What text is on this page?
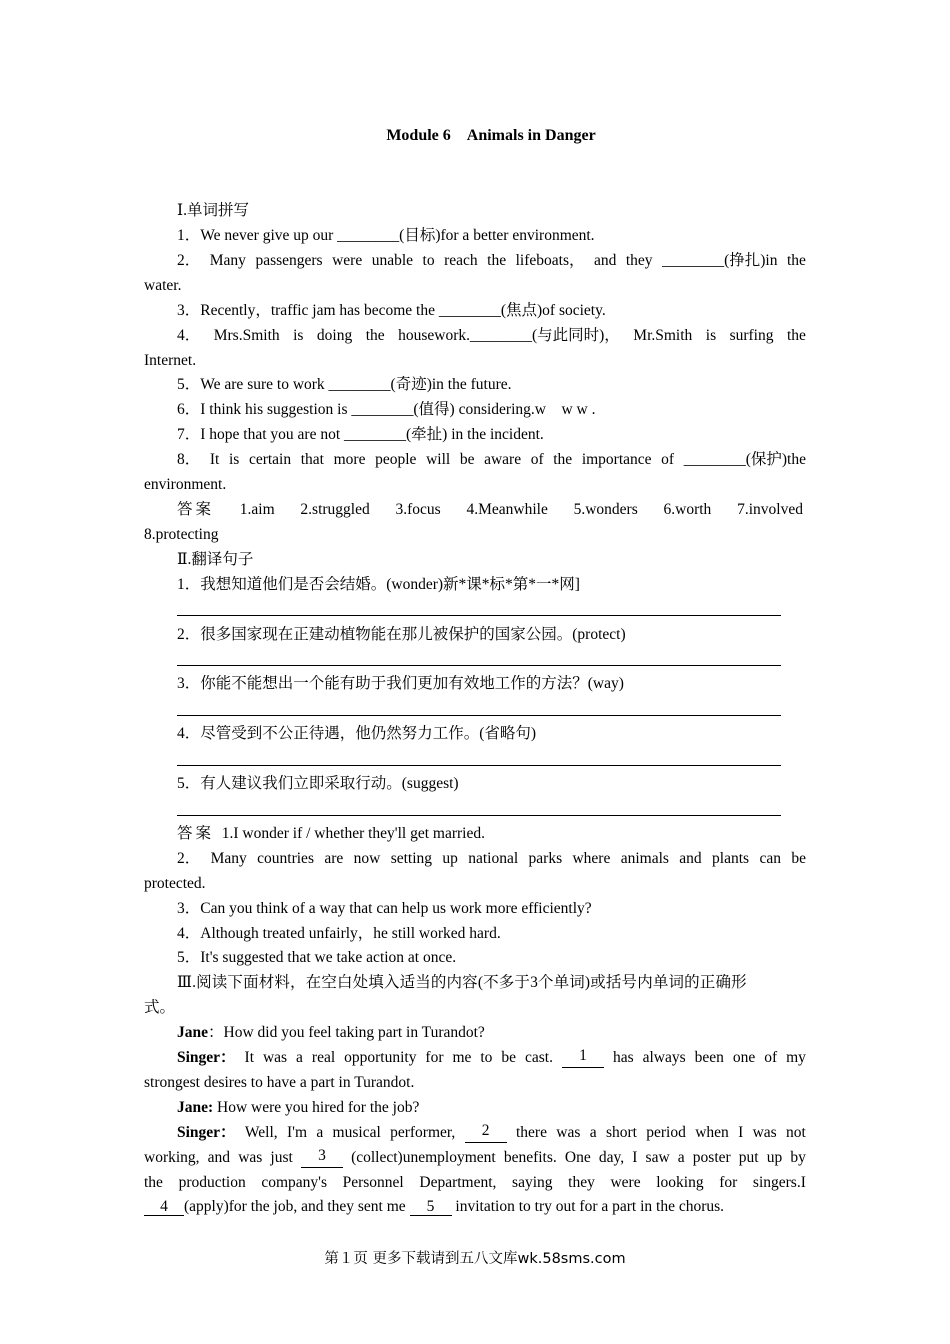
Module 6 Animals in Danger
Ⅰ.单词拼写
1．We never give up our ________(目标)for a better environment.
2． Many passengers were unable to reach the lifeboats， and they ________(挣扎)in the
water.
3．Recently，traffic jam has become the ________(焦点)of society.
4． Mrs.Smith is doing the housework.________(与此同时)， Mr.Smith is surfing the
Internet.
5．We are sure to work ________(奇迹)in the future.
6．I think his suggestion is ________(值得) considering.w　w w .
7．I hope that you are not ________(牵扯) in the incident.
8． It is certain that more people will be aware of the importance of ________(保护)the
environment.
答案 1.aim 2.struggled 3.focus 4.Meanwhile 5.wonders 6.worth 7.involved
8.protecting
Ⅱ.翻译句子
1．我想知道他们是否会结婚。(wonder)新*课*标*第*一*网]
2．很多国家现在正建动植物能在那儿被保护的国家公园。(protect)
3．你能不能想出一个能有助于我们更加有效地工作的方法？(way)
4．尽管受到不公正待遇，他仍然努力工作。(省略句)
5．有人建议我们立即采取行动。(suggest)
答案 1.I wonder if / whether they'll get married.
2． Many countries are now setting up national parks where animals and plants can be
protected.
3．Can you think of a way that can help us work more efficiently?
4．Although treated unfairly，he still worked hard.
5．It's suggested that we take action at once.
Ⅲ.阅读下面材料，在空白处填入适当的内容(不多于3个单词)或括号内单词的正确形
式。
Jane：How did you feel taking part in Turandot?
Singer： It was a real opportunity for me to be cast.	1	has always been one of my
strongest desires to have a part in Turandot.
Jane: How were you hired for the job?
Singer： Well, I'm a musical performer,	2	there was a short period when I was not
working, and was just	3	(collect)unemployment benefits. One day, I saw a poster put up by
the production company's Personnel Department, saying they were looking for singers.I
4 (apply)for the job, and they sent me 5 invitation to try out for a part in the chorus.
第１页 更多下载请到五八文库wk.58sms.com
